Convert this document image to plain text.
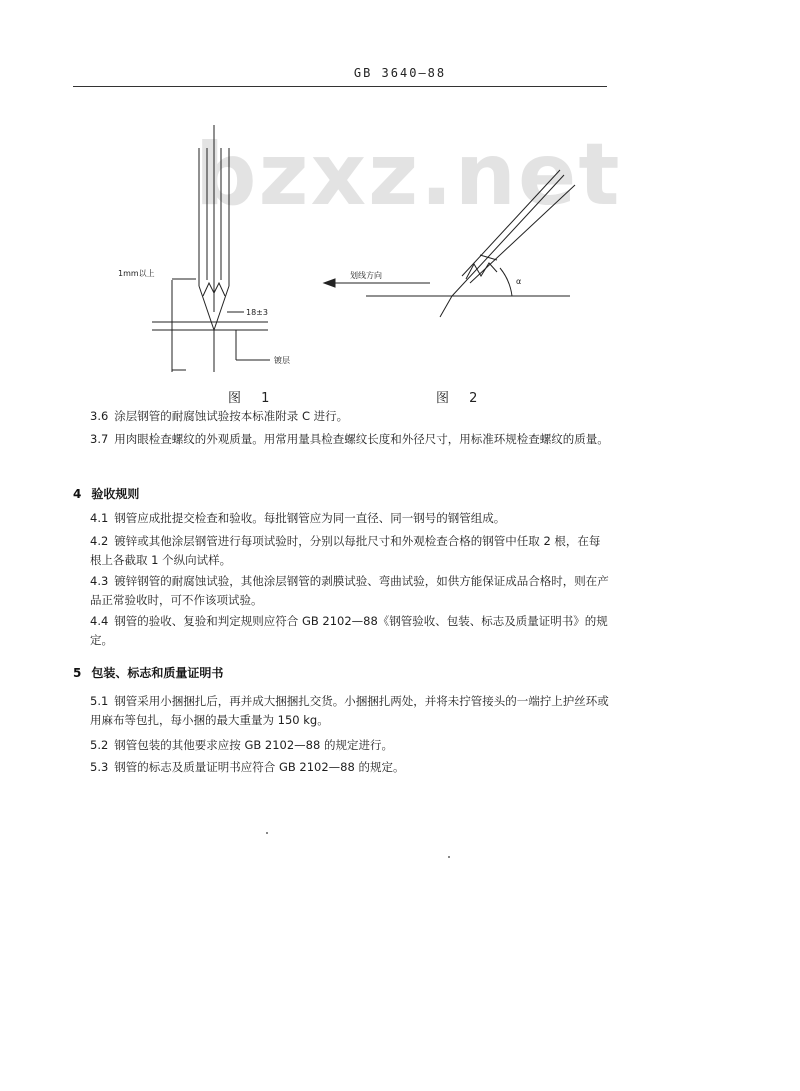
GB 3640—88
bzxz.net
1mm以上
18±3
镀层
划线方向
α
图 1	图 2
3.6 涂层钢管的耐腐蚀试验按本标准附录 C 进行。
3.7 用肉眼检查螺纹的外观质量。用常用量具检查螺纹长度和外径尺寸，用标准环规检查螺纹的质量。
4 验收规则
4.1 钢管应成批提交检查和验收。每批钢管应为同一直径、同一钢号的钢管组成。
4.2 镀锌或其他涂层钢管进行每项试验时，分别以每批尺寸和外观检查合格的钢管中任取 2 根，在每根上各截取 1 个纵向试样。
4.3 镀锌钢管的耐腐蚀试验，其他涂层钢管的剥膜试验、弯曲试验，如供方能保证成品合格时，则在产品正常验收时，可不作该项试验。
4.4 钢管的验收、复验和判定规则应符合 GB 2102—88《钢管验收、包装、标志及质量证明书》的规定。
5 包装、标志和质量证明书
5.1 钢管采用小捆捆扎后，再并成大捆捆扎交货。小捆捆扎两处，并将未拧管接头的一端拧上护丝环或用麻布等包扎，每小捆的最大重量为 150 kg。
5.2 钢管包装的其他要求应按 GB 2102—88 的规定进行。
5.3 钢管的标志及质量证明书应符合 GB 2102—88 的规定。
